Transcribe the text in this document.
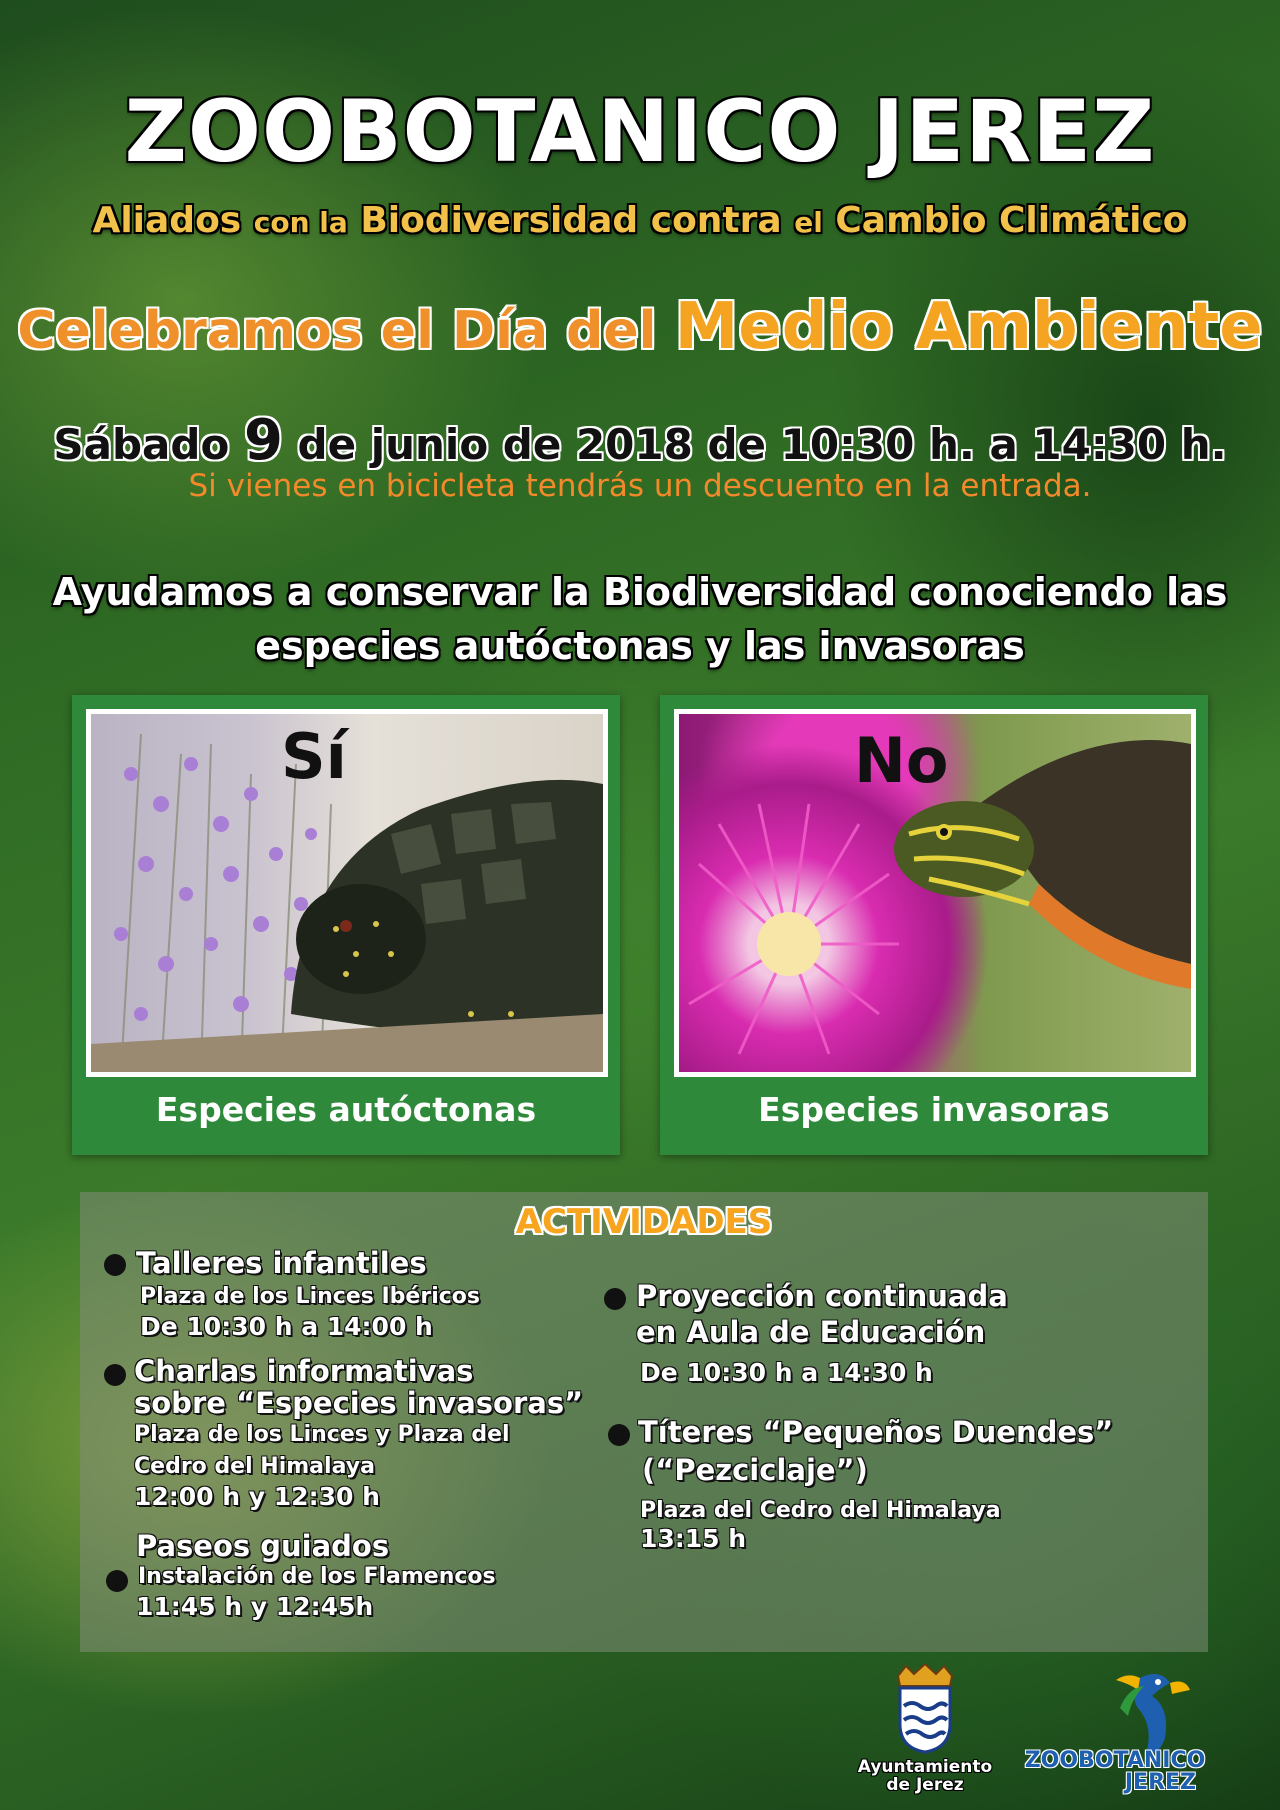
ZOOBOTANICO JEREZ
Aliados con la Biodiversidad contra el Cambio Climático
Celebramos el Día del Medio Ambiente
Sábado 9 de junio de 2018 de 10:30 h. a 14:30 h.
Si vienes en bicicleta tendrás un descuento en la entrada.
Ayudamos a conservar la Biodiversidad conociendo las
especies autóctonas y las invasoras
Sí
Especies autóctonas
No
Especies invasoras
ACTIVIDADES
Talleres infantiles
Plaza de los Linces Ibéricos
De 10:30 h a 14:00 h
Charlas informativas
sobre “Especies invasoras”
Plaza de los Linces y Plaza del
Cedro del Himalaya
12:00 h y 12:30 h
Paseos guiados
Instalación de los Flamencos
11:45 h y 12:45h
Proyección continuada
en Aula de Educación
De 10:30 h a 14:30 h
Títeres “Pequeños Duendes”
(“Pezciclaje”)
Plaza del Cedro del Himalaya
13:15 h
Ayuntamiento
de Jerez
ZOOBOTANICO
JEREZ
